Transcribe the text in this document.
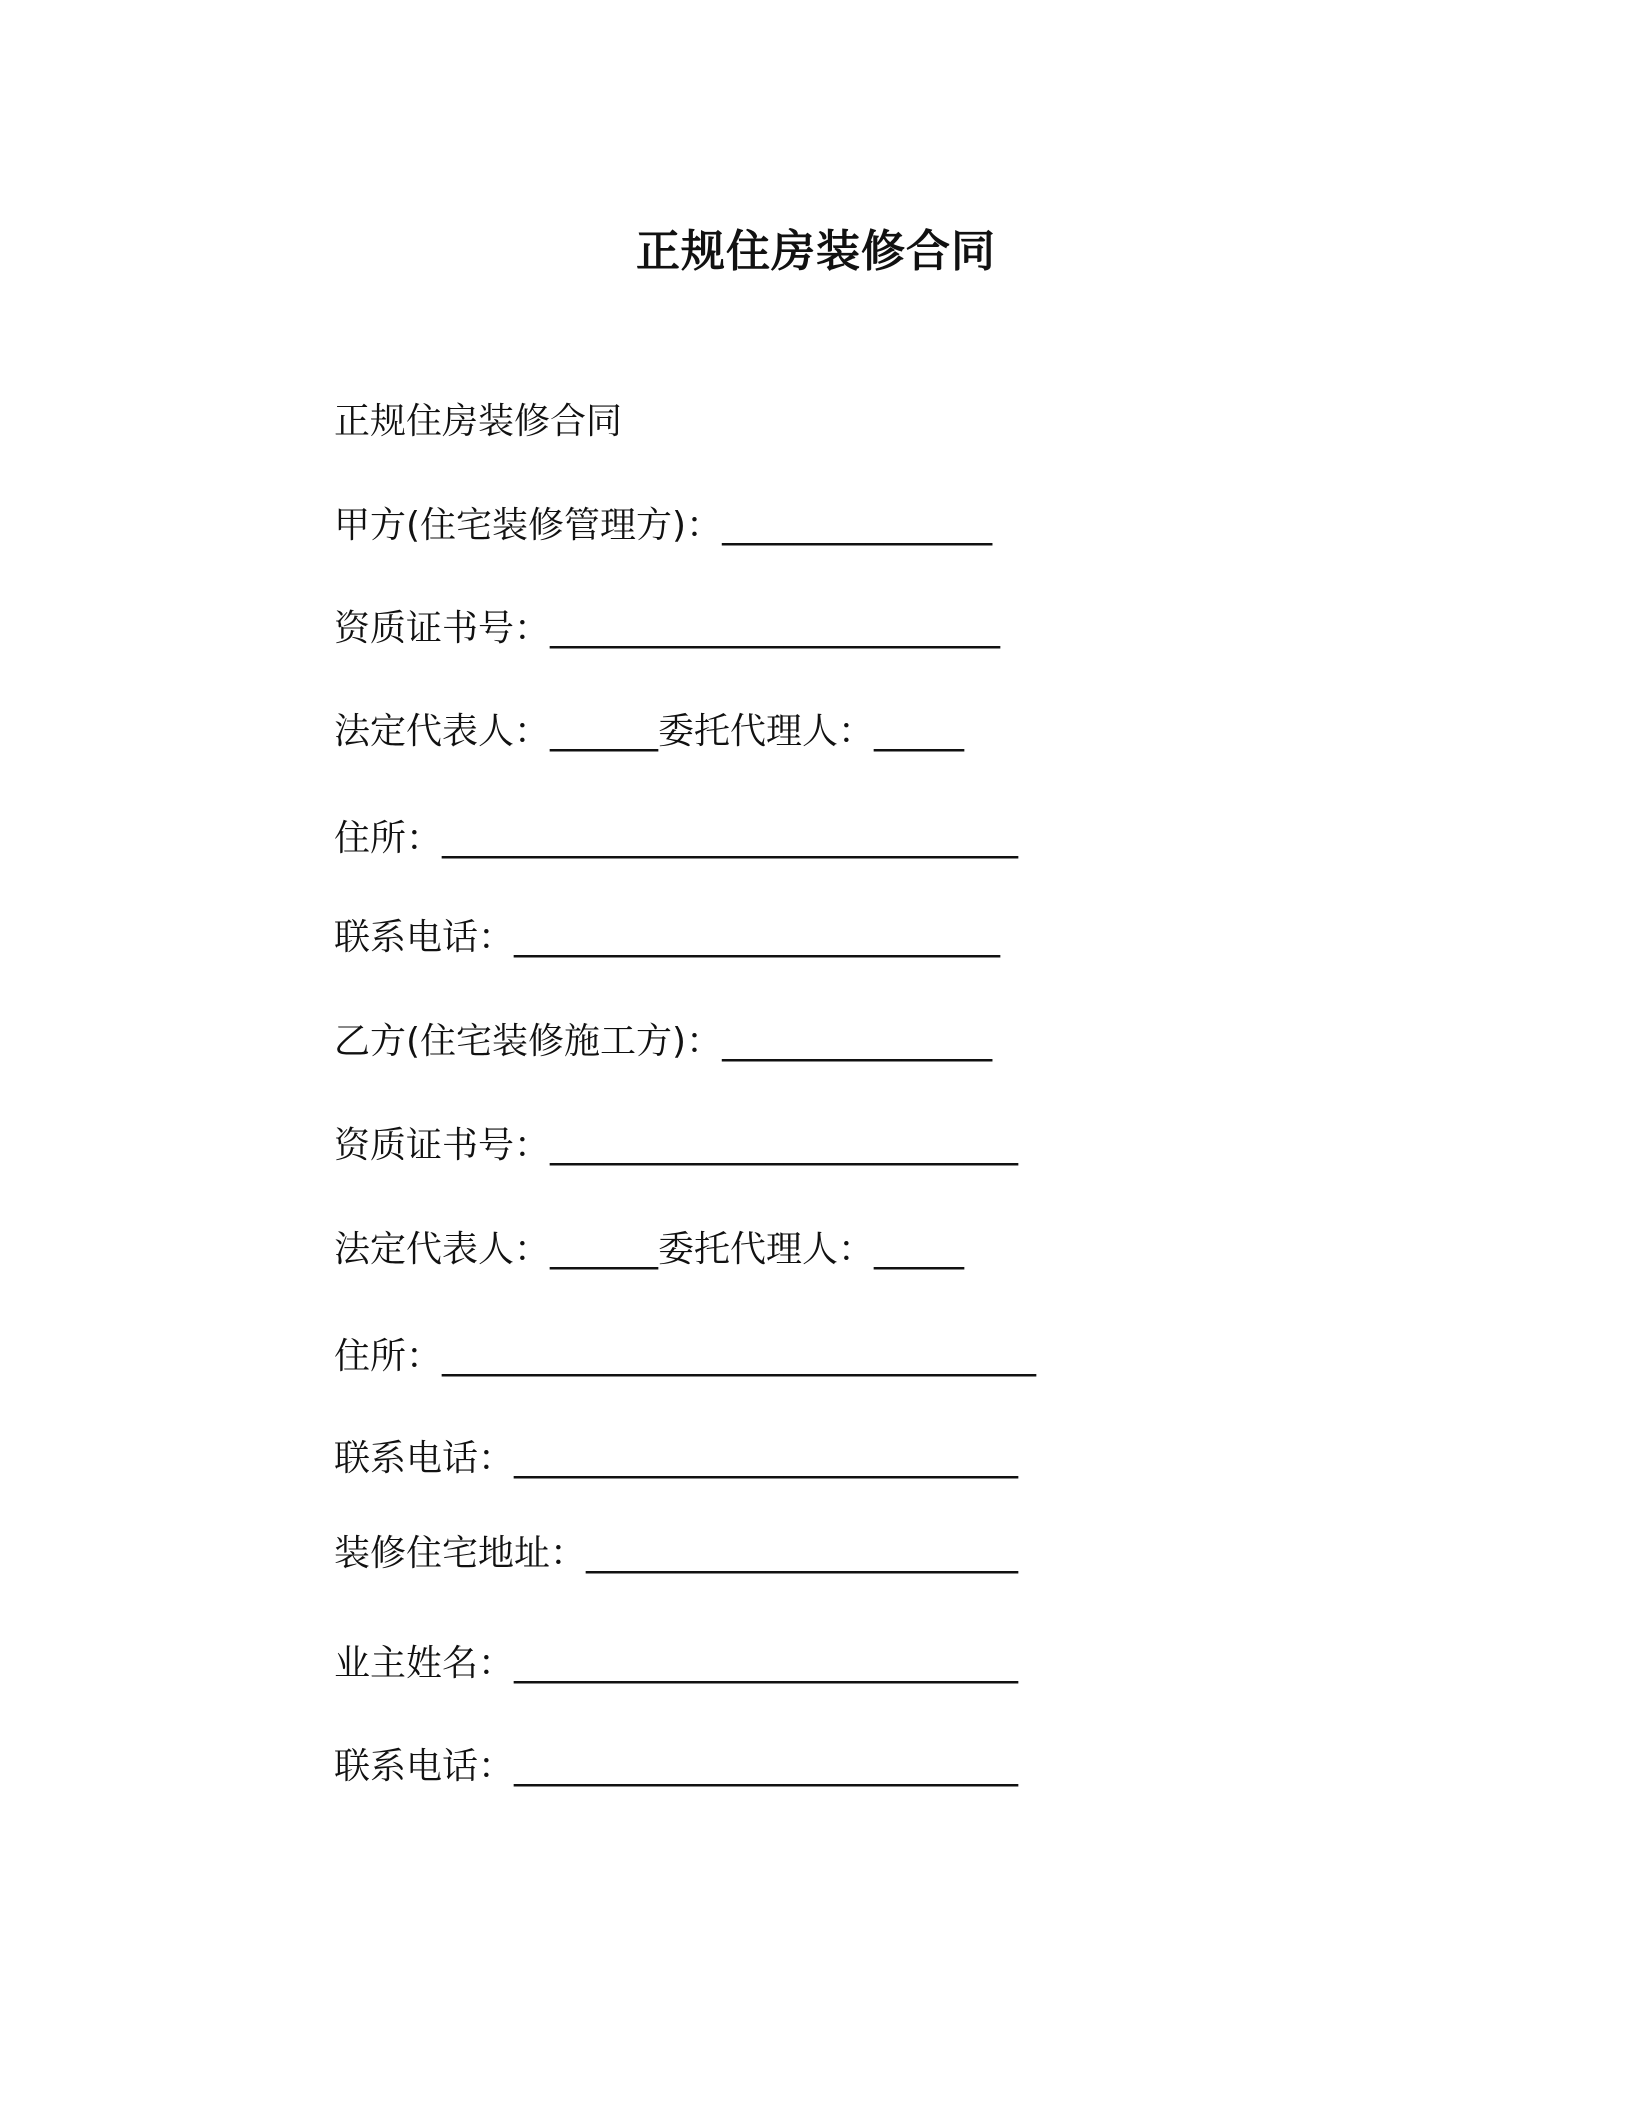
正规住房装修合同
正规住房装修合同
甲方(住宅装修管理方)：_______________
资质证书号：_________________________
法定代表人：______委托代理人：_____
住所：________________________________
联系电话：___________________________
乙方(住宅装修施工方)：_______________
资质证书号：__________________________
法定代表人：______委托代理人：_____
住所：_________________________________
联系电话：____________________________
装修住宅地址：________________________
业主姓名：____________________________
联系电话：____________________________
